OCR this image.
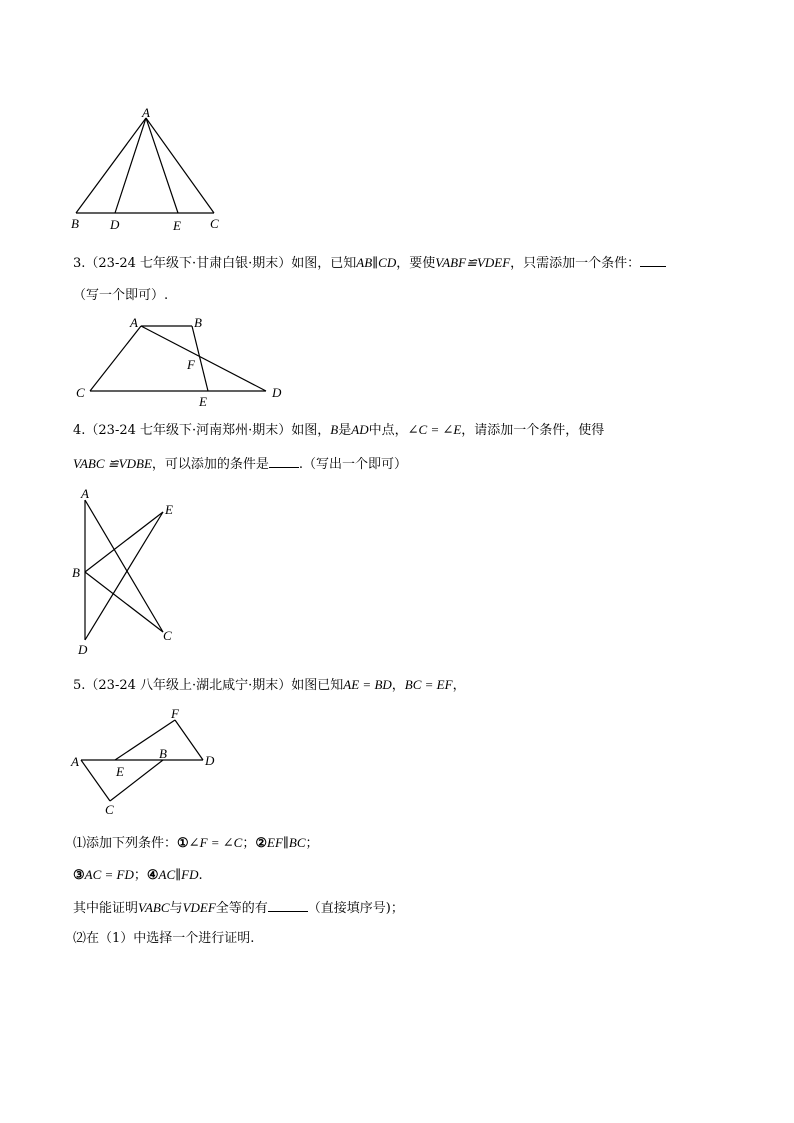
A
B D	E C
3.（23-24 七年级下·甘肃白银·期末）如图，已知AB∥CD，要使VABF≌VDEF，只需添加一个条件：
（写一个即可）.
A	B
F
C	D
E
4.（23-24 七年级下·河南郑州·期末）如图，B是AD中点，∠C = ∠E，请添加一个条件，使得
VABC ≌VDBE，可以添加的条件是 .（写出一个即可）
A
E
B
C
D
5.（23-24 八年级上·湖北咸宁·期末）如图已知AE = BD，BC = EF，
F
A
E
B	D
C
⑴添加下列条件：①∠F = ∠C；②EF∥BC；
③AC = FD；④AC∥FD.
其中能证明VABC与VDEF全等的有	（直接填序号)；
⑵在（1）中选择一个进行证明.
